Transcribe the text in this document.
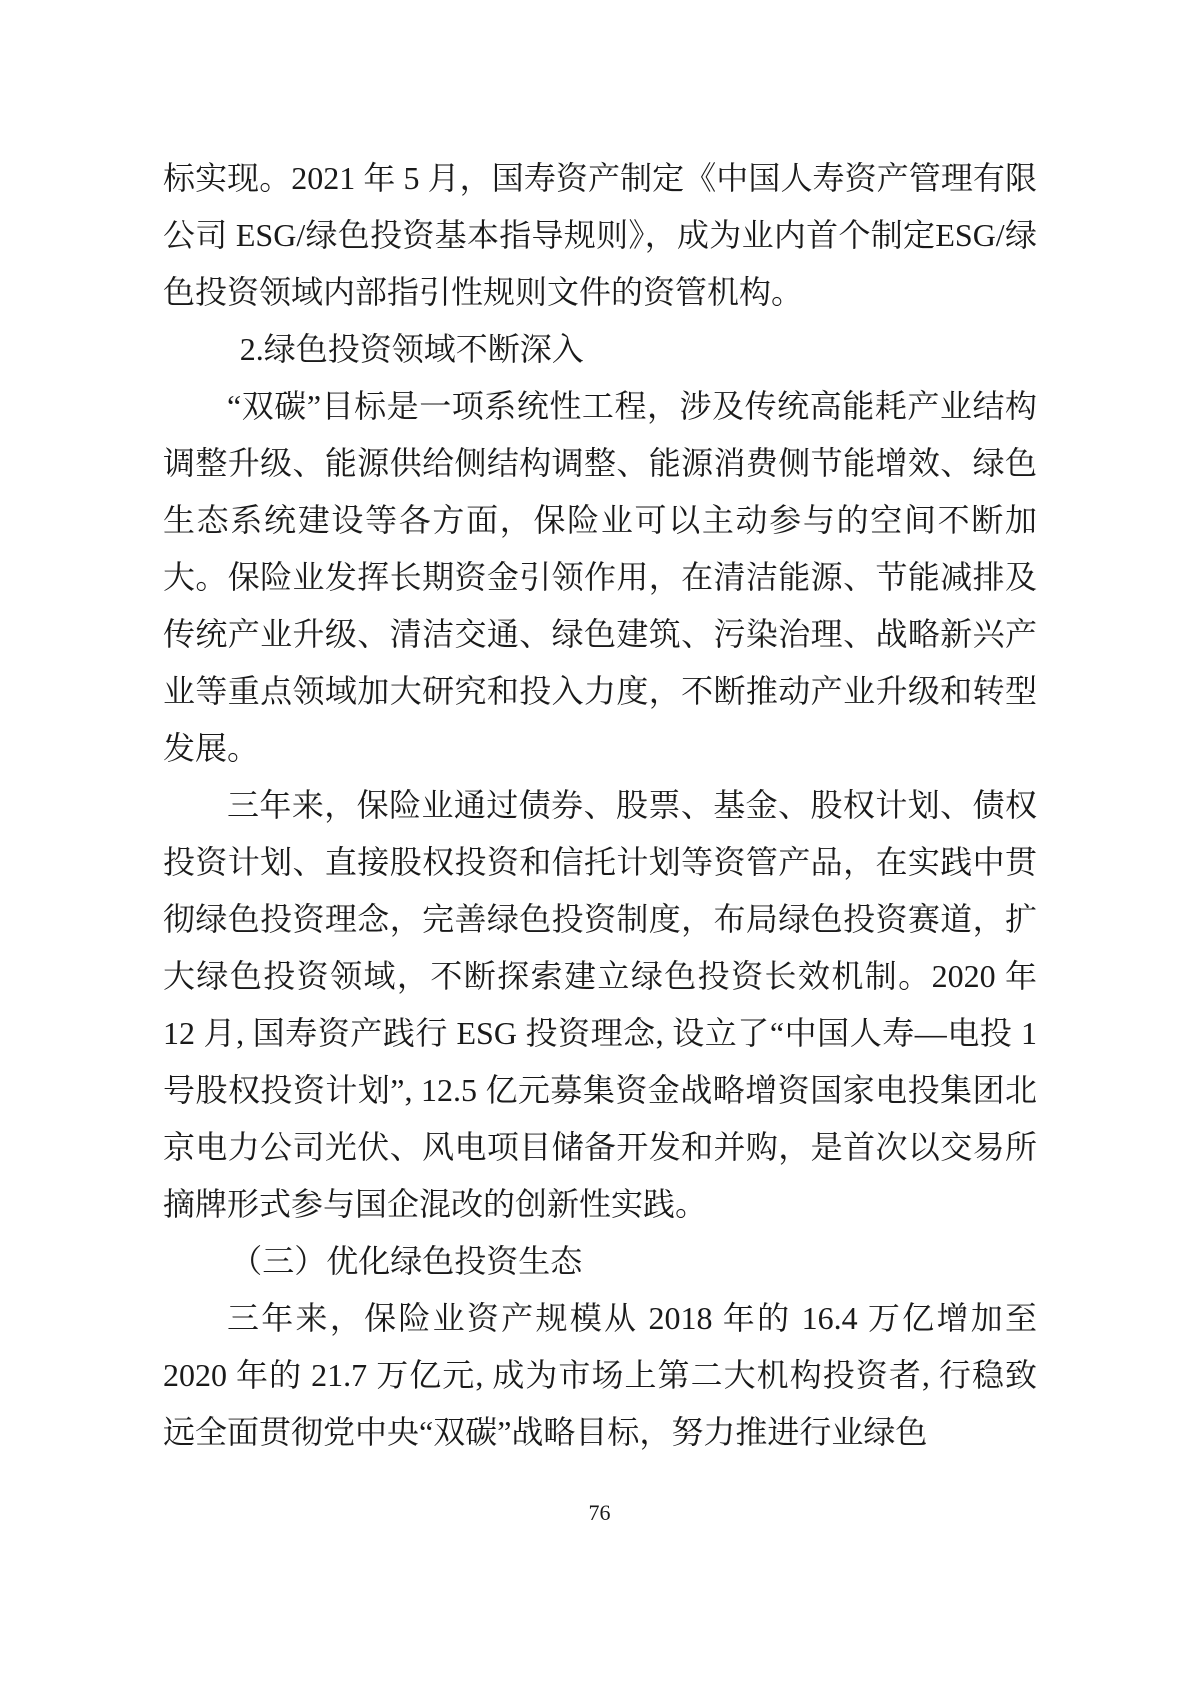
标实现。2021 年 5 月，国寿资产制定《中国人寿资产管理有限公司 ESG/绿色投资基本指导规则》，成为业内首个制定ESG/绿色投资领域内部指引性规则文件的资管机构。

2.绿色投资领域不断深入

“双碳”目标是一项系统性工程，涉及传统高能耗产业结构调整升级、能源供给侧结构调整、能源消费侧节能增效、绿色生态系统建设等各方面，保险业可以主动参与的空间不断加大。保险业发挥长期资金引领作用，在清洁能源、节能减排及传统产业升级、清洁交通、绿色建筑、污染治理、战略新兴产业等重点领域加大研究和投入力度，不断推动产业升级和转型发展。

三年来，保险业通过债券、股票、基金、股权计划、债权投资计划、直接股权投资和信托计划等资管产品，在实践中贯彻绿色投资理念，完善绿色投资制度，布局绿色投资赛道，扩大绿色投资领域，不断探索建立绿色投资长效机制。2020 年 12 月, 国寿资产践行 ESG 投资理念, 设立了“中国人寿—电投 1 号股权投资计划”, 12.5 亿元募集资金战略增资国家电投集团北京电力公司光伏、风电项目储备开发和并购，是首次以交易所摘牌形式参与国企混改的创新性实践。

（三）优化绿色投资生态

三年来，保险业资产规模从 2018 年的 16.4 万亿增加至 2020 年的 21.7 万亿元, 成为市场上第二大机构投资者, 行稳致远全面贯彻党中央“双碳”战略目标，努力推进行业绿色

76
